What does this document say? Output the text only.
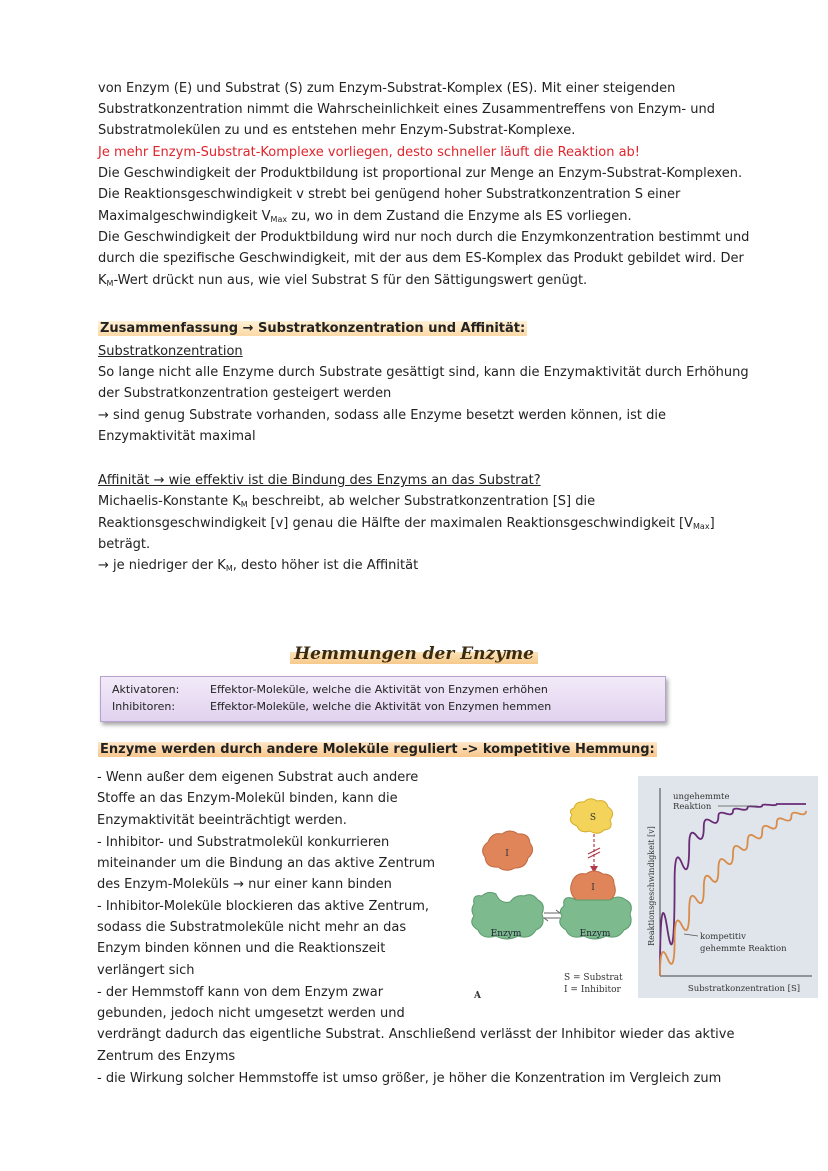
von Enzym (E) und Substrat (S) zum Enzym-Substrat-Komplex (ES). Mit einer steigenden
Substratkonzentration nimmt die Wahrscheinlichkeit eines Zusammentreffens von Enzym- und
Substratmolekülen zu und es entstehen mehr Enzym-Substrat-Komplexe.
Je mehr Enzym-Substrat-Komplexe vorliegen, desto schneller läuft die Reaktion ab!
Die Geschwindigkeit der Produktbildung ist proportional zur Menge an Enzym-Substrat-Komplexen.
Die Reaktionsgeschwindigkeit v strebt bei genügend hoher Substratkonzentration S einer
Maximalgeschwindigkeit $V_{Max}$ zu, wo in dem Zustand die Enzyme als ES vorliegen.
Die Geschwindigkeit der Produktbildung wird nur noch durch die Enzymkonzentration bestimmt und
durch die spezifische Geschwindigkeit, mit der aus dem ES-Komplex das Produkt gebildet wird. Der
$K_M$-Wert drückt nun aus, wie viel Substrat S für den Sättigungswert genügt.
Zusammenfassung → Substratkonzentration und Affinität:
Substratkonzentration
So lange nicht alle Enzyme durch Substrate gesättigt sind, kann die Enzymaktivität durch Erhöhung
der Substratkonzentration gesteigert werden
→ sind genug Substrate vorhanden, sodass alle Enzyme besetzt werden können, ist die
Enzymaktivität maximal
Affinität → wie effektiv ist die Bindung des Enzyms an das Substrat?
Michaelis-Konstante $K_M$ beschreibt, ab welcher Substratkonzentration [S] die
Reaktionsgeschwindigkeit [v] genau die Hälfte der maximalen Reaktionsgeschwindigkeit $[V_{Max}]$
beträgt.
→ je niedriger der $K_M$, desto höher ist die Affinität
Hemmungen der Enzyme
Aktivatoren:	Effektor-Moleküle, welche die Aktivität von Enzymen erhöhen
Inhibitoren:	Effektor-Moleküle, welche die Aktivität von Enzymen hemmen
Enzyme werden durch andere Moleküle reguliert -> kompetitive Hemmung:
- Wenn außer dem eigenen Substrat auch andere
Stoffe an das Enzym-Molekül binden, kann die
Enzymaktivität beeinträchtigt werden.
- Inhibitor- und Substratmolekül konkurrieren
miteinander um die Bindung an das aktive Zentrum
des Enzym-Moleküls → nur einer kann binden
- Inhibitor-Moleküle blockieren das aktive Zentrum,
sodass die Substratmoleküle nicht mehr an das
Enzym binden können und die Reaktionszeit
verlängert sich
- der Hemmstoff kann von dem Enzym zwar
gebunden, jedoch nicht umgesetzt werden und
verdrängt dadurch das eigentliche Substrat. Anschließend verlässt der Inhibitor wieder das aktive
Zentrum des Enzyms
- die Wirkung solcher Hemmstoffe ist umso größer, je höher die Konzentration im Vergleich zum
S
I
Enzym
I
Enzym
S = Substrat
I = Inhibitor
A
Reaktionsgeschwindigkeit [v]
Substratkonzentration [S]
ungehemmte
Reaktion
kompetitiv
gehemmte Reaktion
